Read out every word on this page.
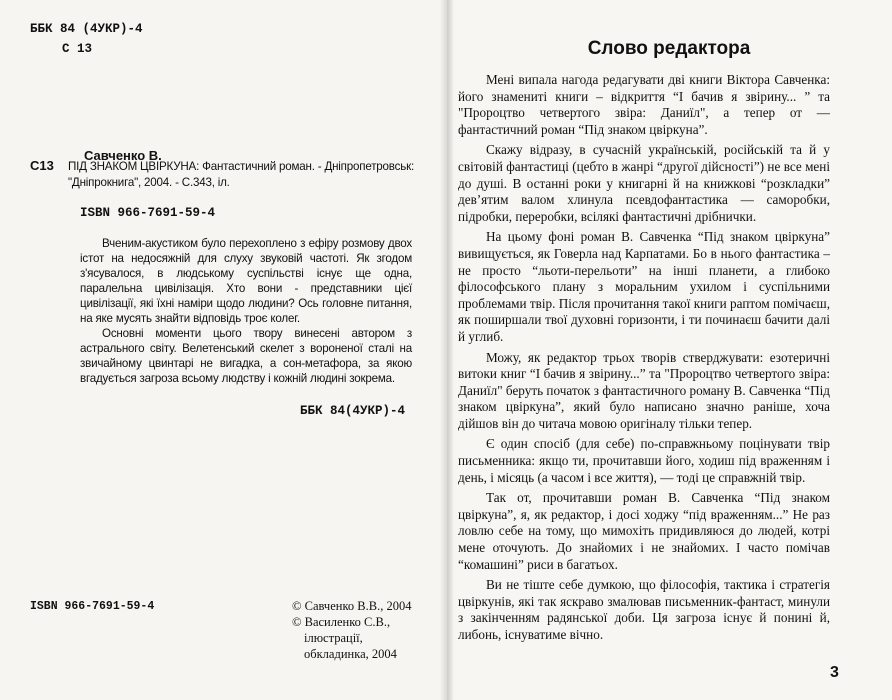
ББК 84 (4УКР)-4
С 13
Савченко В.
С13 ПІД ЗНАКОМ ЦВІРКУНА: Фантастичний роман. - Дніпропетровськ:
"Дніпрокнига", 2004. - С.343, іл.
ISBN 966-7691-59-4

Вченим-акустиком було перехоплено з ефіру розмову двох істот на недосяжній для слуху звуковій частоті. Як згодом з'ясувалося, в людському суспільстві існує ще одна, паралельна цивілізація. Хто вони - представники цієї цивілізації, які їхні наміри щодо людини? Ось головне питання, на яке мусять знайти відповідь троє колег.

Основні моменти цього твору винесені автором з астрального світу. Велетенський скелет з вороненої сталі на звичайному цвинтарі не вигадка, а сон-метафора, за якою вгадується загроза всьому людству і кожній людині зокрема.

ББК 84(4УКР)-4
ISBN 966-7691-59-4	© Савченко В.В., 2004
© Василенко С.В.,
ілюстрації,
обкладинка, 2004
Слово редактора

Мені випала нагода редагувати дві книги Віктора Савченка: його знамениті книги – відкриття “І бачив я звірину... ” та "Пророцтво четвертого звіра: Даниїл", а тепер от — фантастичний роман “Під знаком цвіркуна”.

Скажу відразу, в сучасній українській, російській та й у світовій фантастиці (цебто в жанрі “другої дійсності”) не все мені до душі. В останні роки у книгарні й на книжкові “розкладки” дев’ятим валом хлинула псевдофантастика — саморобки, підробки, переробки, всілякі фантастичні дрібнички.

На цьому фоні роман В. Савченка “Під знаком цвіркуна” вивищується, як Говерла над Карпатами. Бо в нього фантастика – не просто “льоти-перельоти” на інші планети, а глибоко філософського плану з моральним ухилом і суспільними проблемами твір. Після прочитання такої книги раптом помічаєш, як поширшали твої духовні горизонти, і ти починаєш бачити далі й углиб.

Можу, як редактор трьох творів стверджувати: езотеричні витоки книг “І бачив я звірину...” та "Пророцтво четвертого звіра: Даниїл" беруть початок з фантастичного роману В. Савченка “Під знаком цвіркуна”, який було написано значно раніше, хоча дійшов він до читача мовою оригіналу тільки тепер.

Є один спосіб (для себе) по-справжньому поцінувати твір письменника: якщо ти, прочитавши його, ходиш під враженням і день, і місяць (а часом і все життя), — тоді це справжній твір.

Так от, прочитавши роман В. Савченка “Під знаком цвіркуна”, я, як редактор, і досі ходжу “під враженням...” Не раз ловлю себе на тому, що мимохіть придивляюся до людей, котрі мене оточують. До знайомих і не знайомих. І часто помічав “комашині” риси в багатьох.

Ви не тіште себе думкою, що філософія, тактика і стратегія цвіркунів, які так яскраво змалював письменник-фантаст, минули з закінченням радянської доби. Ця загроза існує й понині й, либонь, існуватиме вічно.

3
